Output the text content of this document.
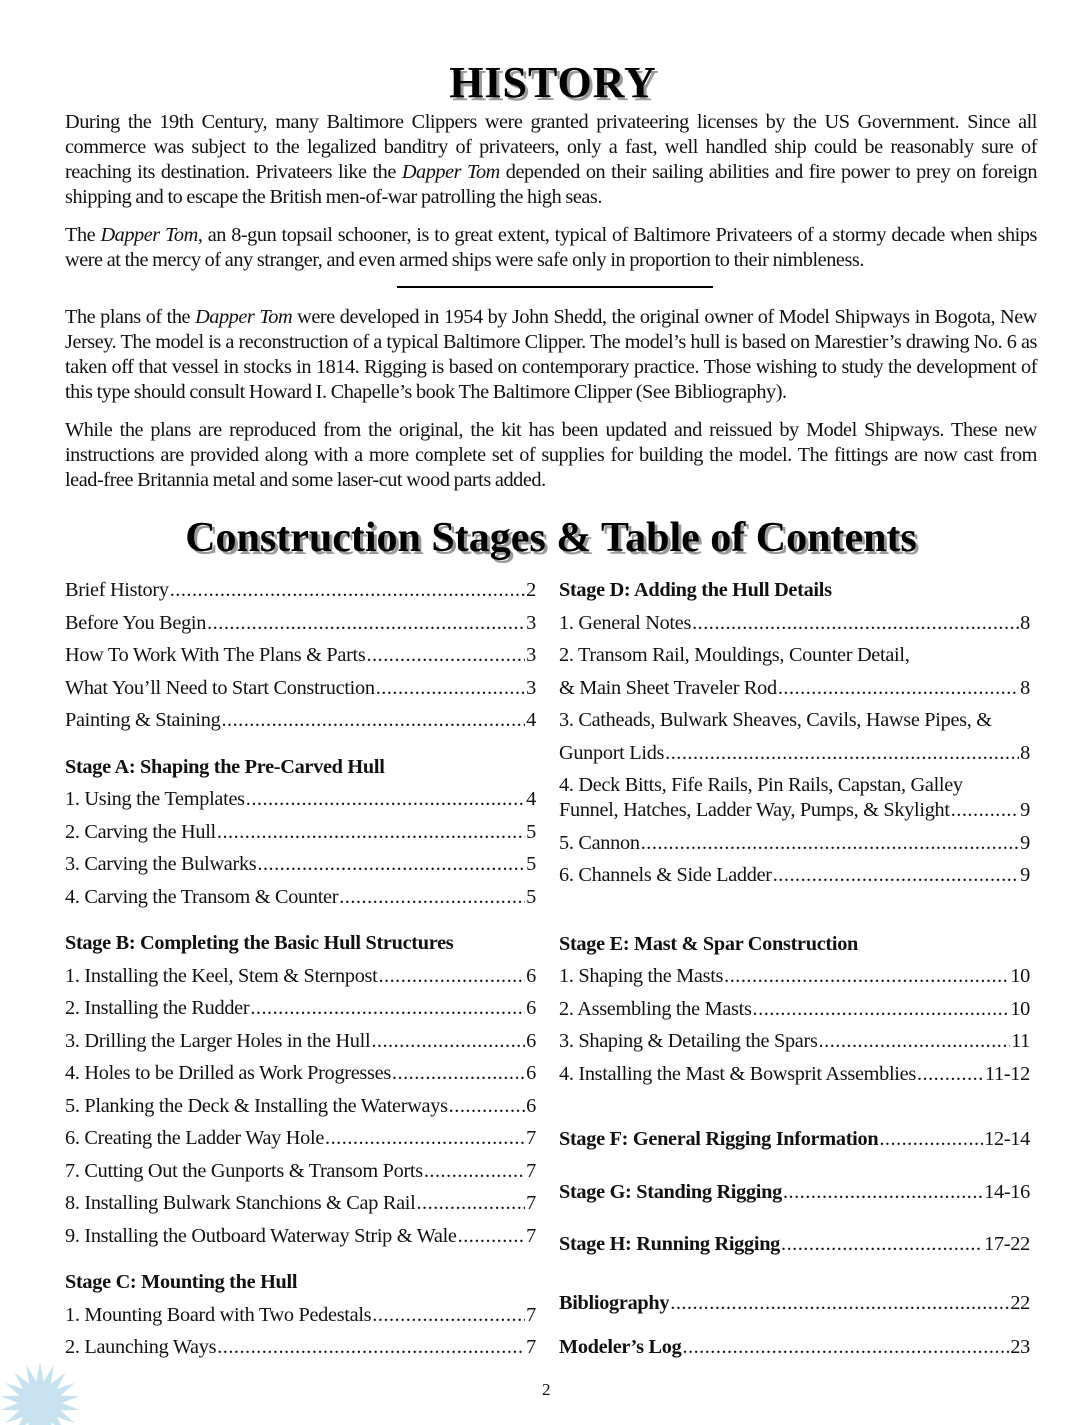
HISTORY
During the 19th Century, many Baltimore Clippers were granted privateering licenses by the US Government. Since all commerce was subject to the legalized banditry of privateers, only a fast, well handled ship could be reasonably sure of reaching its destination. Privateers like the Dapper Tom depended on their sailing abilities and fire power to prey on foreign shipping and to escape the British men-of-war patrolling the high seas.
The Dapper Tom, an 8-gun topsail schooner, is to great extent, typical of Baltimore Privateers of a stormy decade when ships were at the mercy of any stranger, and even armed ships were safe only in proportion to their nimbleness.
The plans of the Dapper Tom were developed in 1954 by John Shedd, the original owner of Model Shipways in Bogota, New Jersey. The model is a reconstruction of a typical Baltimore Clipper. The model’s hull is based on Marestier’s drawing No. 6 as taken off that vessel in stocks in 1814. Rigging is based on contemporary practice. Those wishing to study the development of this type should consult Howard I. Chapelle’s book The Baltimore Clipper (See Bibliography).
While the plans are reproduced from the original, the kit has been updated and reissued by Model Shipways. These new instructions are provided along with a more complete set of supplies for building the model. The fittings are now cast from lead-free Britannia metal and some laser-cut wood parts added.
Construction Stages & Table of Contents
Brief History .....	2
Before You Begin .....	3
How To Work With The Plans & Parts .....	3
What You’ll Need to Start Construction .....	3
Painting & Staining .....	4
Stage A: Shaping the Pre-Carved Hull
1. Using the Templates .....	4
2. Carving the Hull .....	5
3. Carving the Bulwarks .....	5
4. Carving the Transom & Counter .....	5
Stage B: Completing the Basic Hull Structures
1. Installing the Keel, Stem & Sternpost .....	6
2. Installing the Rudder .....	6
3. Drilling the Larger Holes in the Hull .....	6
4. Holes to be Drilled as Work Progresses .....	6
5. Planking the Deck & Installing the Waterways .....	6
6. Creating the Ladder Way Hole .....	7
7. Cutting Out the Gunports & Transom Ports .....	7
8. Installing Bulwark Stanchions & Cap Rail .....	7
9. Installing the Outboard Waterway Strip & Wale .....	7
Stage C: Mounting the Hull
1. Mounting Board with Two Pedestals .....	7
2. Launching Ways .....	7
Stage D: Adding the Hull Details
1. General Notes .....	8
2. Transom Rail, Mouldings, Counter Detail,
& Main Sheet Traveler Rod .....	8
3. Catheads, Bulwark Sheaves, Cavils, Hawse Pipes, &
Gunport Lids .....	8
4. Deck Bitts, Fife Rails, Pin Rails, Capstan, Galley
Funnel, Hatches, Ladder Way, Pumps, & Skylight .....	9
5. Cannon .....	9
6. Channels & Side Ladder .....	9
Stage E: Mast & Spar Construction
1. Shaping the Masts .....	10
2. Assembling the Masts .....	10
3. Shaping & Detailing the Spars .....	11
4. Installing the Mast & Bowsprit Assemblies .....	11-12
Stage F: General Rigging Information .....	12-14
Stage G: Standing Rigging .....	14-16
Stage H: Running Rigging .....	17-22
Bibliography .....	22
Modeler’s Log .....	23
2
